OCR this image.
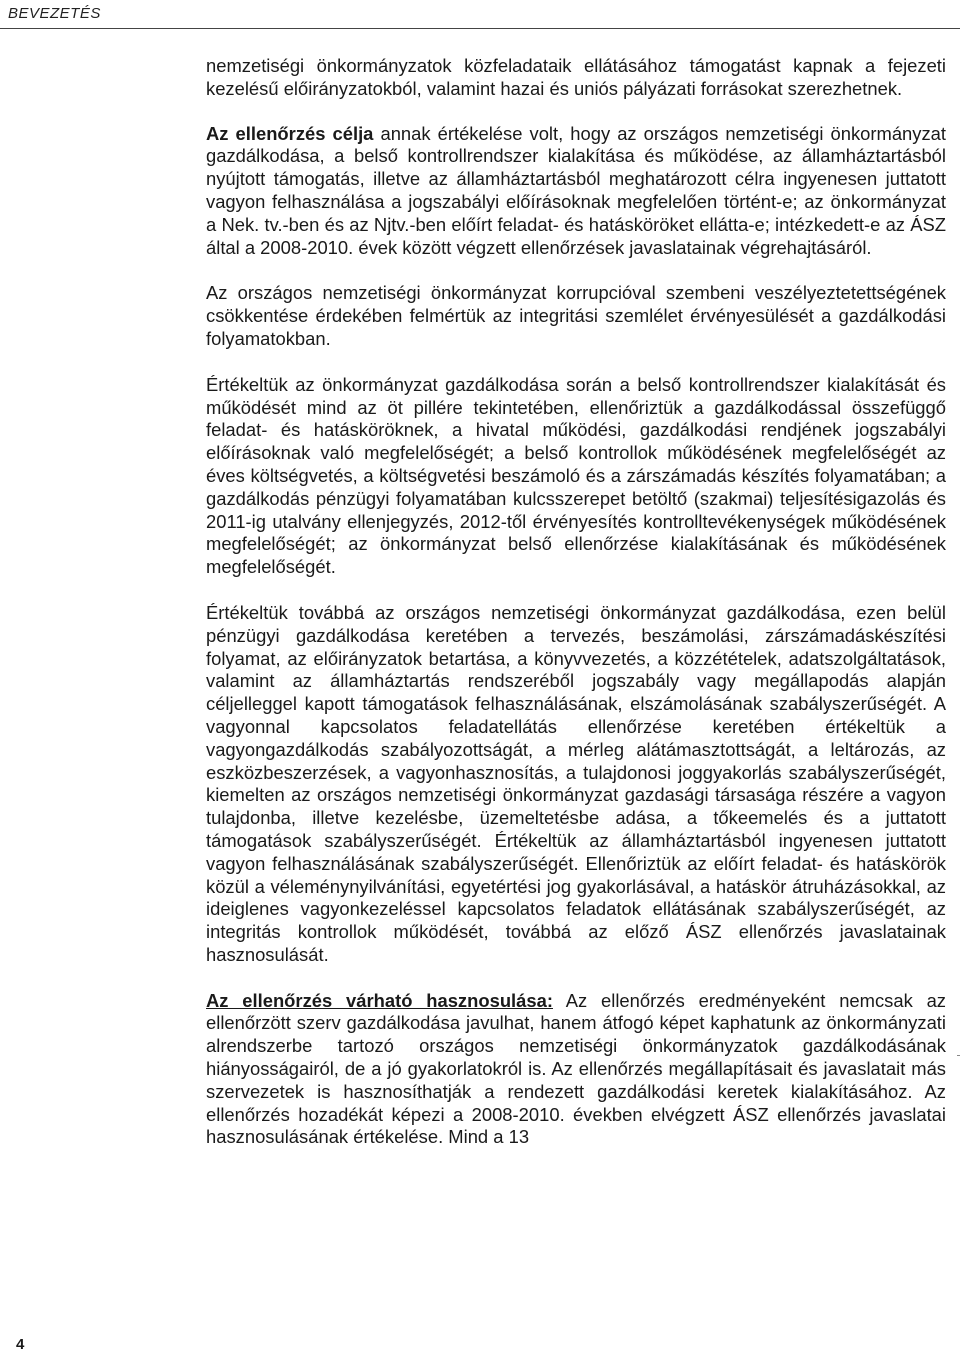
BEVEZETÉS

nemzetiségi önkormányzatok közfeladataik ellátásához támogatást kapnak a fejezeti kezelésű előirányzatokból, valamint hazai és uniós pályázati forrásokat szerezhetnek.

Az ellenőrzés célja annak értékelése volt, hogy az országos nemzetiségi önkormányzat gazdálkodása, a belső kontrollrendszer kialakítása és működése, az államháztartásból nyújtott támogatás, illetve az államháztartásból meghatározott célra ingyenesen juttatott vagyon felhasználása a jogszabályi előírásoknak megfelelően történt-e; az önkormányzat a Nek. tv.-ben és az Njtv.-ben előírt feladat- és hatásköröket ellátta-e; intézkedett-e az ÁSZ által a 2008-2010. évek között végzett ellenőrzések javaslatainak végrehajtásáról.

Az országos nemzetiségi önkormányzat korrupcióval szembeni veszélyeztetettségének csökkentése érdekében felmértük az integritási szemlélet érvényesülését a gazdálkodási folyamatokban.

Értékeltük az önkormányzat gazdálkodása során a belső kontrollrendszer kialakítását és működését mind az öt pillére tekintetében, ellenőriztük a gazdálkodással összefüggő feladat- és hatásköröknek, a hivatal működési, gazdálkodási rendjének jogszabályi előírásoknak való megfelelőségét; a belső kontrollok működésének megfelelőségét az éves költségvetés, a költségvetési beszámoló és a zárszámadás készítés folyamatában; a gazdálkodás pénzügyi folyamatában kulcsszerepet betöltő (szakmai) teljesítésigazolás és 2011-ig utalvány ellenjegyzés, 2012-től érvényesítés kontrolltevékenységek működésének megfelelőségét; az önkormányzat belső ellenőrzése kialakításának és működésének megfelelőségét.

Értékeltük továbbá az országos nemzetiségi önkormányzat gazdálkodása, ezen belül pénzügyi gazdálkodása keretében a tervezés, beszámolási, zárszámadáskészítési folyamat, az előirányzatok betartása, a könyvvezetés, a közzétételek, adatszolgáltatások, valamint az államháztartás rendszeréből jogszabály vagy megállapodás alapján céljelleggel kapott támogatások felhasználásának, elszámolásának szabályszerűségét. A vagyonnal kapcsolatos feladatellátás ellenőrzése keretében értékeltük a vagyongazdálkodás szabályozottságát, a mérleg alátámasztottságát, a leltározás, az eszközbeszerzések, a vagyonhasznosítás, a tulajdonosi joggyakorlás szabályszerűségét, kiemelten az országos nemzetiségi önkormányzat gazdasági társasága részére a vagyon tulajdonba, illetve kezelésbe, üzemeltetésbe adása, a tőkeemelés és a juttatott támogatások szabályszerűségét. Értékeltük az államháztartásból ingyenesen juttatott vagyon felhasználásának szabályszerűségét. Ellenőriztük az előírt feladat- és hatáskörök közül a véleménynyilvánítási, egyetértési jog gyakorlásával, a hatáskör átruházásokkal, az ideiglenes vagyonkezeléssel kapcsolatos feladatok ellátásának szabályszerűségét, az integritás kontrollok működését, továbbá az előző ÁSZ ellenőrzés javaslatainak hasznosulását.

Az ellenőrzés várható hasznosulása: Az ellenőrzés eredményeként nemcsak az ellenőrzött szerv gazdálkodása javulhat, hanem átfogó képet kaphatunk az önkormányzati alrendszerbe tartozó országos nemzetiségi önkormányzatok gazdálkodásának hiányosságairól, de a jó gyakorlatokról is. Az ellenőrzés megállapításait és javaslatait más szervezetek is hasznosíthatják a rendezett gazdálkodási keretek kialakításához. Az ellenőrzés hozadékát képezi a 2008-2010. években elvégzett ÁSZ ellenőrzés javaslatai hasznosulásának értékelése. Mind a 13

4
